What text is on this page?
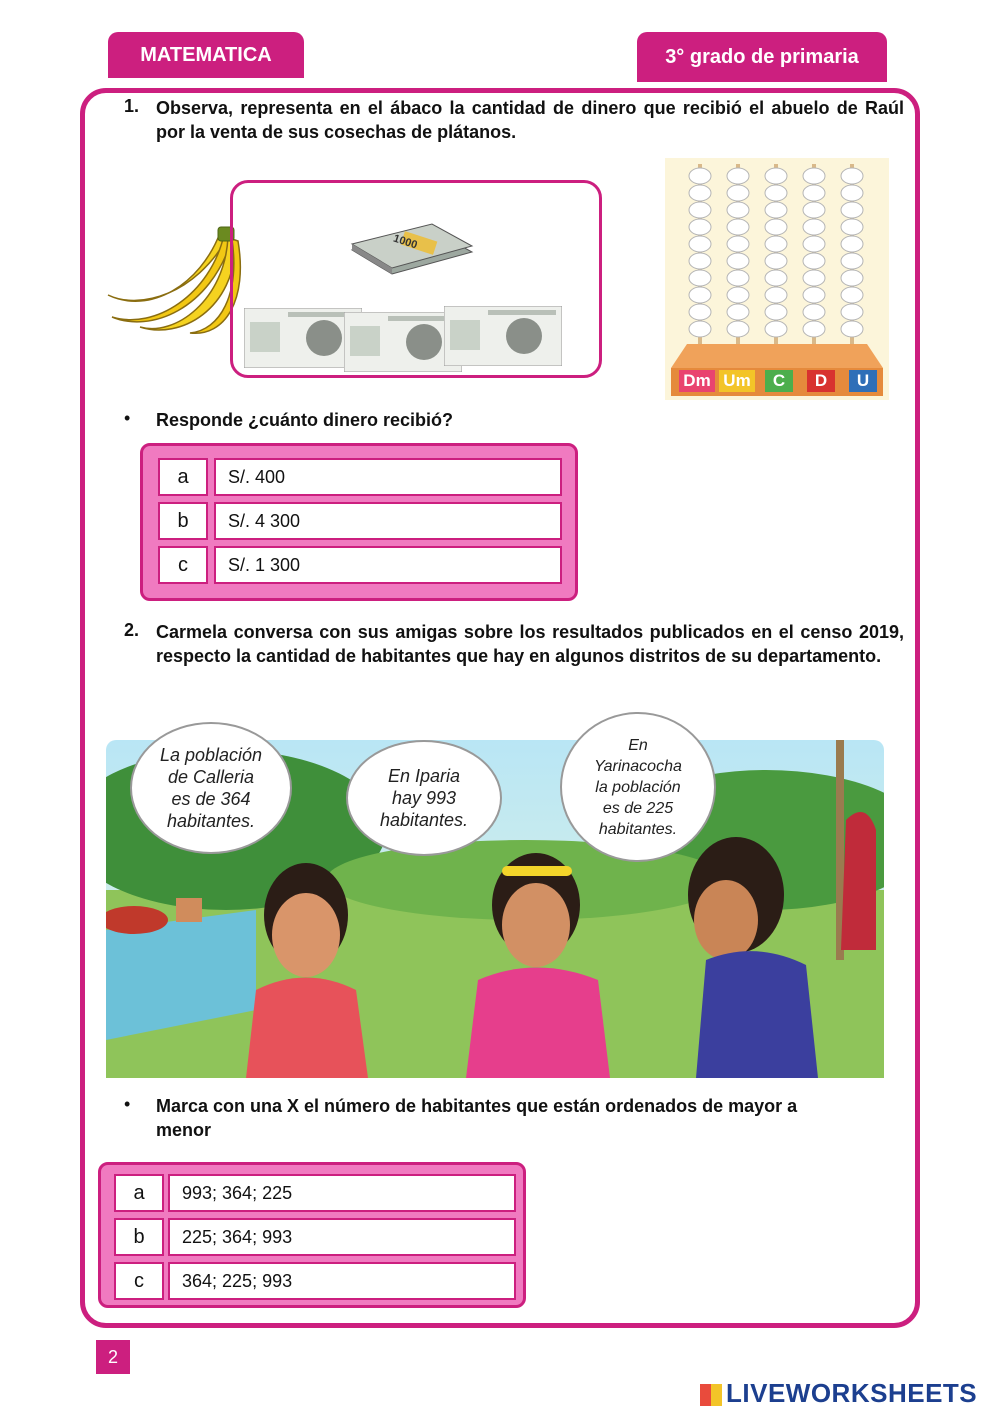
MATEMATICA	3° grado de primaria
1. Observa, representa en el ábaco la cantidad de dinero que recibió el abuelo de Raúl por la venta de sus cosechas de plátanos.
1000
Dm Um	C	D	U
• Responde ¿cuánto dinero recibió?
a	S/. 400
b	S/. 4 300
c	S/. 1 300
2. Carmela conversa con sus amigas sobre los resultados publicados en el censo 2019, respecto la cantidad de habitantes que hay en algunos distritos de su departamento.
La población
de Calleria
es de 364
habitantes.
En Iparia
hay 993
habitantes.
En
Yarinacocha
la población
es de 225
habitantes.
• Marca con una X el número de habitantes que están ordenados de mayor a menor
a	993; 364; 225
b	225; 364; 993
c	364; 225; 993
2
LIVEWORKSHEETS
